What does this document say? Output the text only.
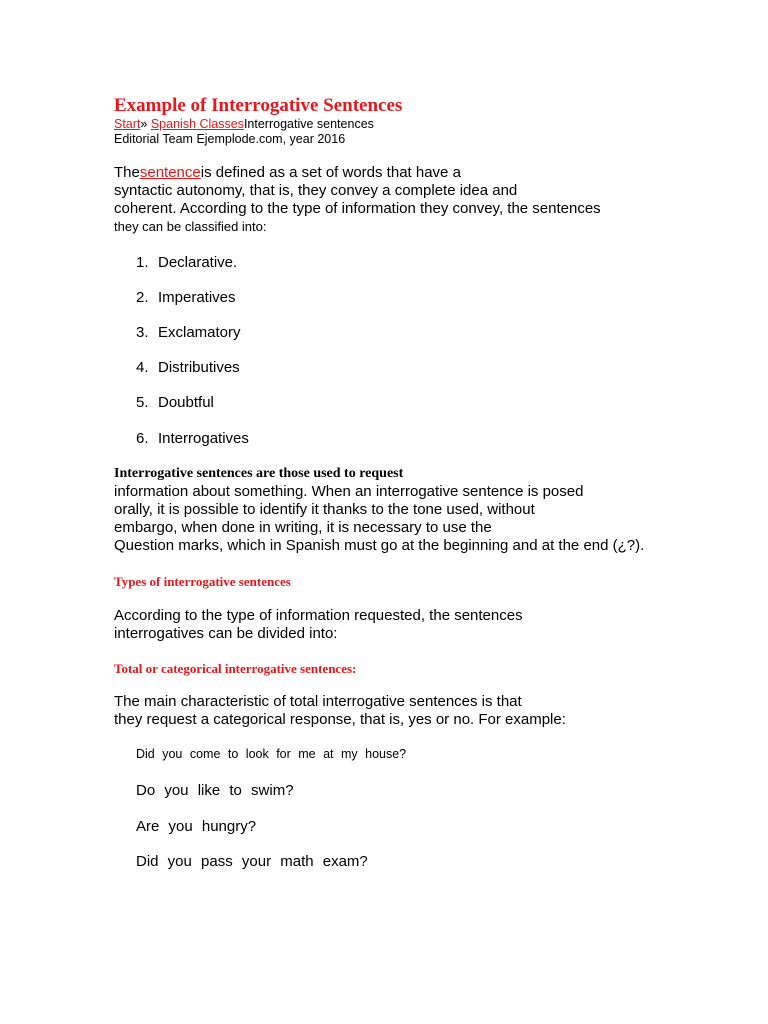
Example of Interrogative Sentences
Start» Spanish ClassesInterrogative sentences
Editorial Team Ejemplode.com, year 2016
Thesentenceis defined as a set of words that have a
syntactic autonomy, that is, they convey a complete idea and
coherent. According to the type of information they convey, the sentences
they can be classified into:
1. Declarative.
2. Imperatives
3. Exclamatory
4. Distributives
5. Doubtful
6. Interrogatives
Interrogative sentences are those used to request
information about something. When an interrogative sentence is posed
orally, it is possible to identify it thanks to the tone used, without
embargo, when done in writing, it is necessary to use the
Question marks, which in Spanish must go at the beginning and at the end (¿?).
Types of interrogative sentences
According to the type of information requested, the sentences
interrogatives can be divided into:
Total or categorical interrogative sentences:
The main characteristic of total interrogative sentences is that
they request a categorical response, that is, yes or no. For example:
Did you come to look for me at my house?
Do you like to swim?
Are you hungry?
Did you pass your math exam?
